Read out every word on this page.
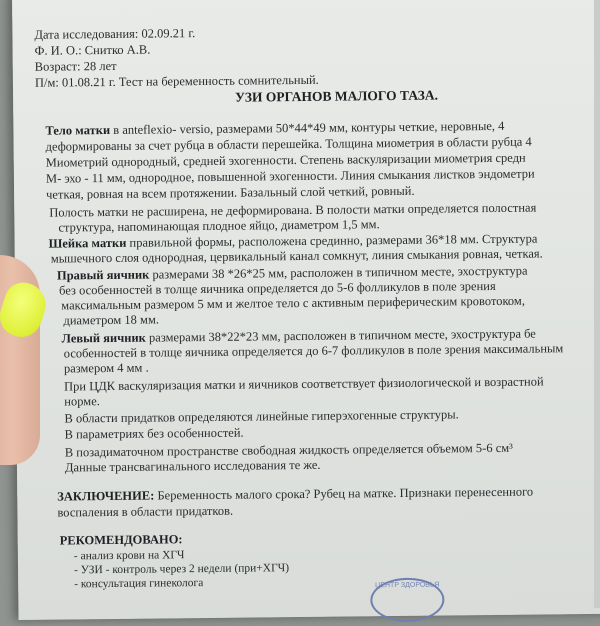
Дата исследования: 02.09.21 г.
Ф. И. О.: Снитко А.В.
Возраст: 28 лет
П/м: 01.08.21 г. Тест на беременность сомнительный.
УЗИ ОРГАНОВ МАЛОГО ТАЗА.
Тело матки в anteflexio- versio, размерами 50*44*49 мм, контуры четкие, неровные, 4
деформированы за счет рубца в области перешейка. Толщина миометрия в области рубца 4
Миометрий однородный, средней эхогенности. Степень васкуляризации миометрия средн
М- эхо - 11 мм, однородное, повышенной эхогенности. Линия смыкания листков эндометри
четкая, ровная на всем протяжении. Базальный слой четкий, ровный.
Полость матки не расширена, не деформирована. В полости матки определяется полостная
структура, напоминающая плодное яйцо, диаметром 1,5 мм.
Шейка матки правильной формы, расположена срединно, размерами 36*18 мм. Структура
мышечного слоя однородная, цервикальный канал сомкнут, линия смыкания ровная, четкая.
Правый яичник размерами 38 *26*25 мм, расположен в типичном месте, эхоструктура
без особенностей в толще яичника определяется до 5-6 фолликулов в поле зрения
максимальным размером 5 мм и желтое тело с активным периферическим кровотоком,
диаметром 18 мм.
Левый яичник размерами 38*22*23 мм, расположен в типичном месте, эхоструктура бе
особенностей в толще яичника определяется до 6-7 фолликулов в поле зрения максимальным
размером 4 мм .
При ЦДК васкуляризация матки и яичников соответствует физиологической и возрастной
норме.
В области придатков определяются линейные гиперэхогенные структуры.
В параметриях без особенностей.
В позадиматочном пространстве свободная жидкость определяется объемом 5-6 см³
Данные трансвагинального исследования те же.
ЗАКЛЮЧЕНИЕ: Беременность малого срока? Рубец на матке. Признаки перенесенного
воспаления в области придатков.
РЕКОМЕНДОВАНО:
- анализ крови на ХГЧ
- УЗИ - контроль через 2 недели (при+ХГЧ)
- консультация гинеколога	ЦЕНТР ЗДОРОВЬЯ
